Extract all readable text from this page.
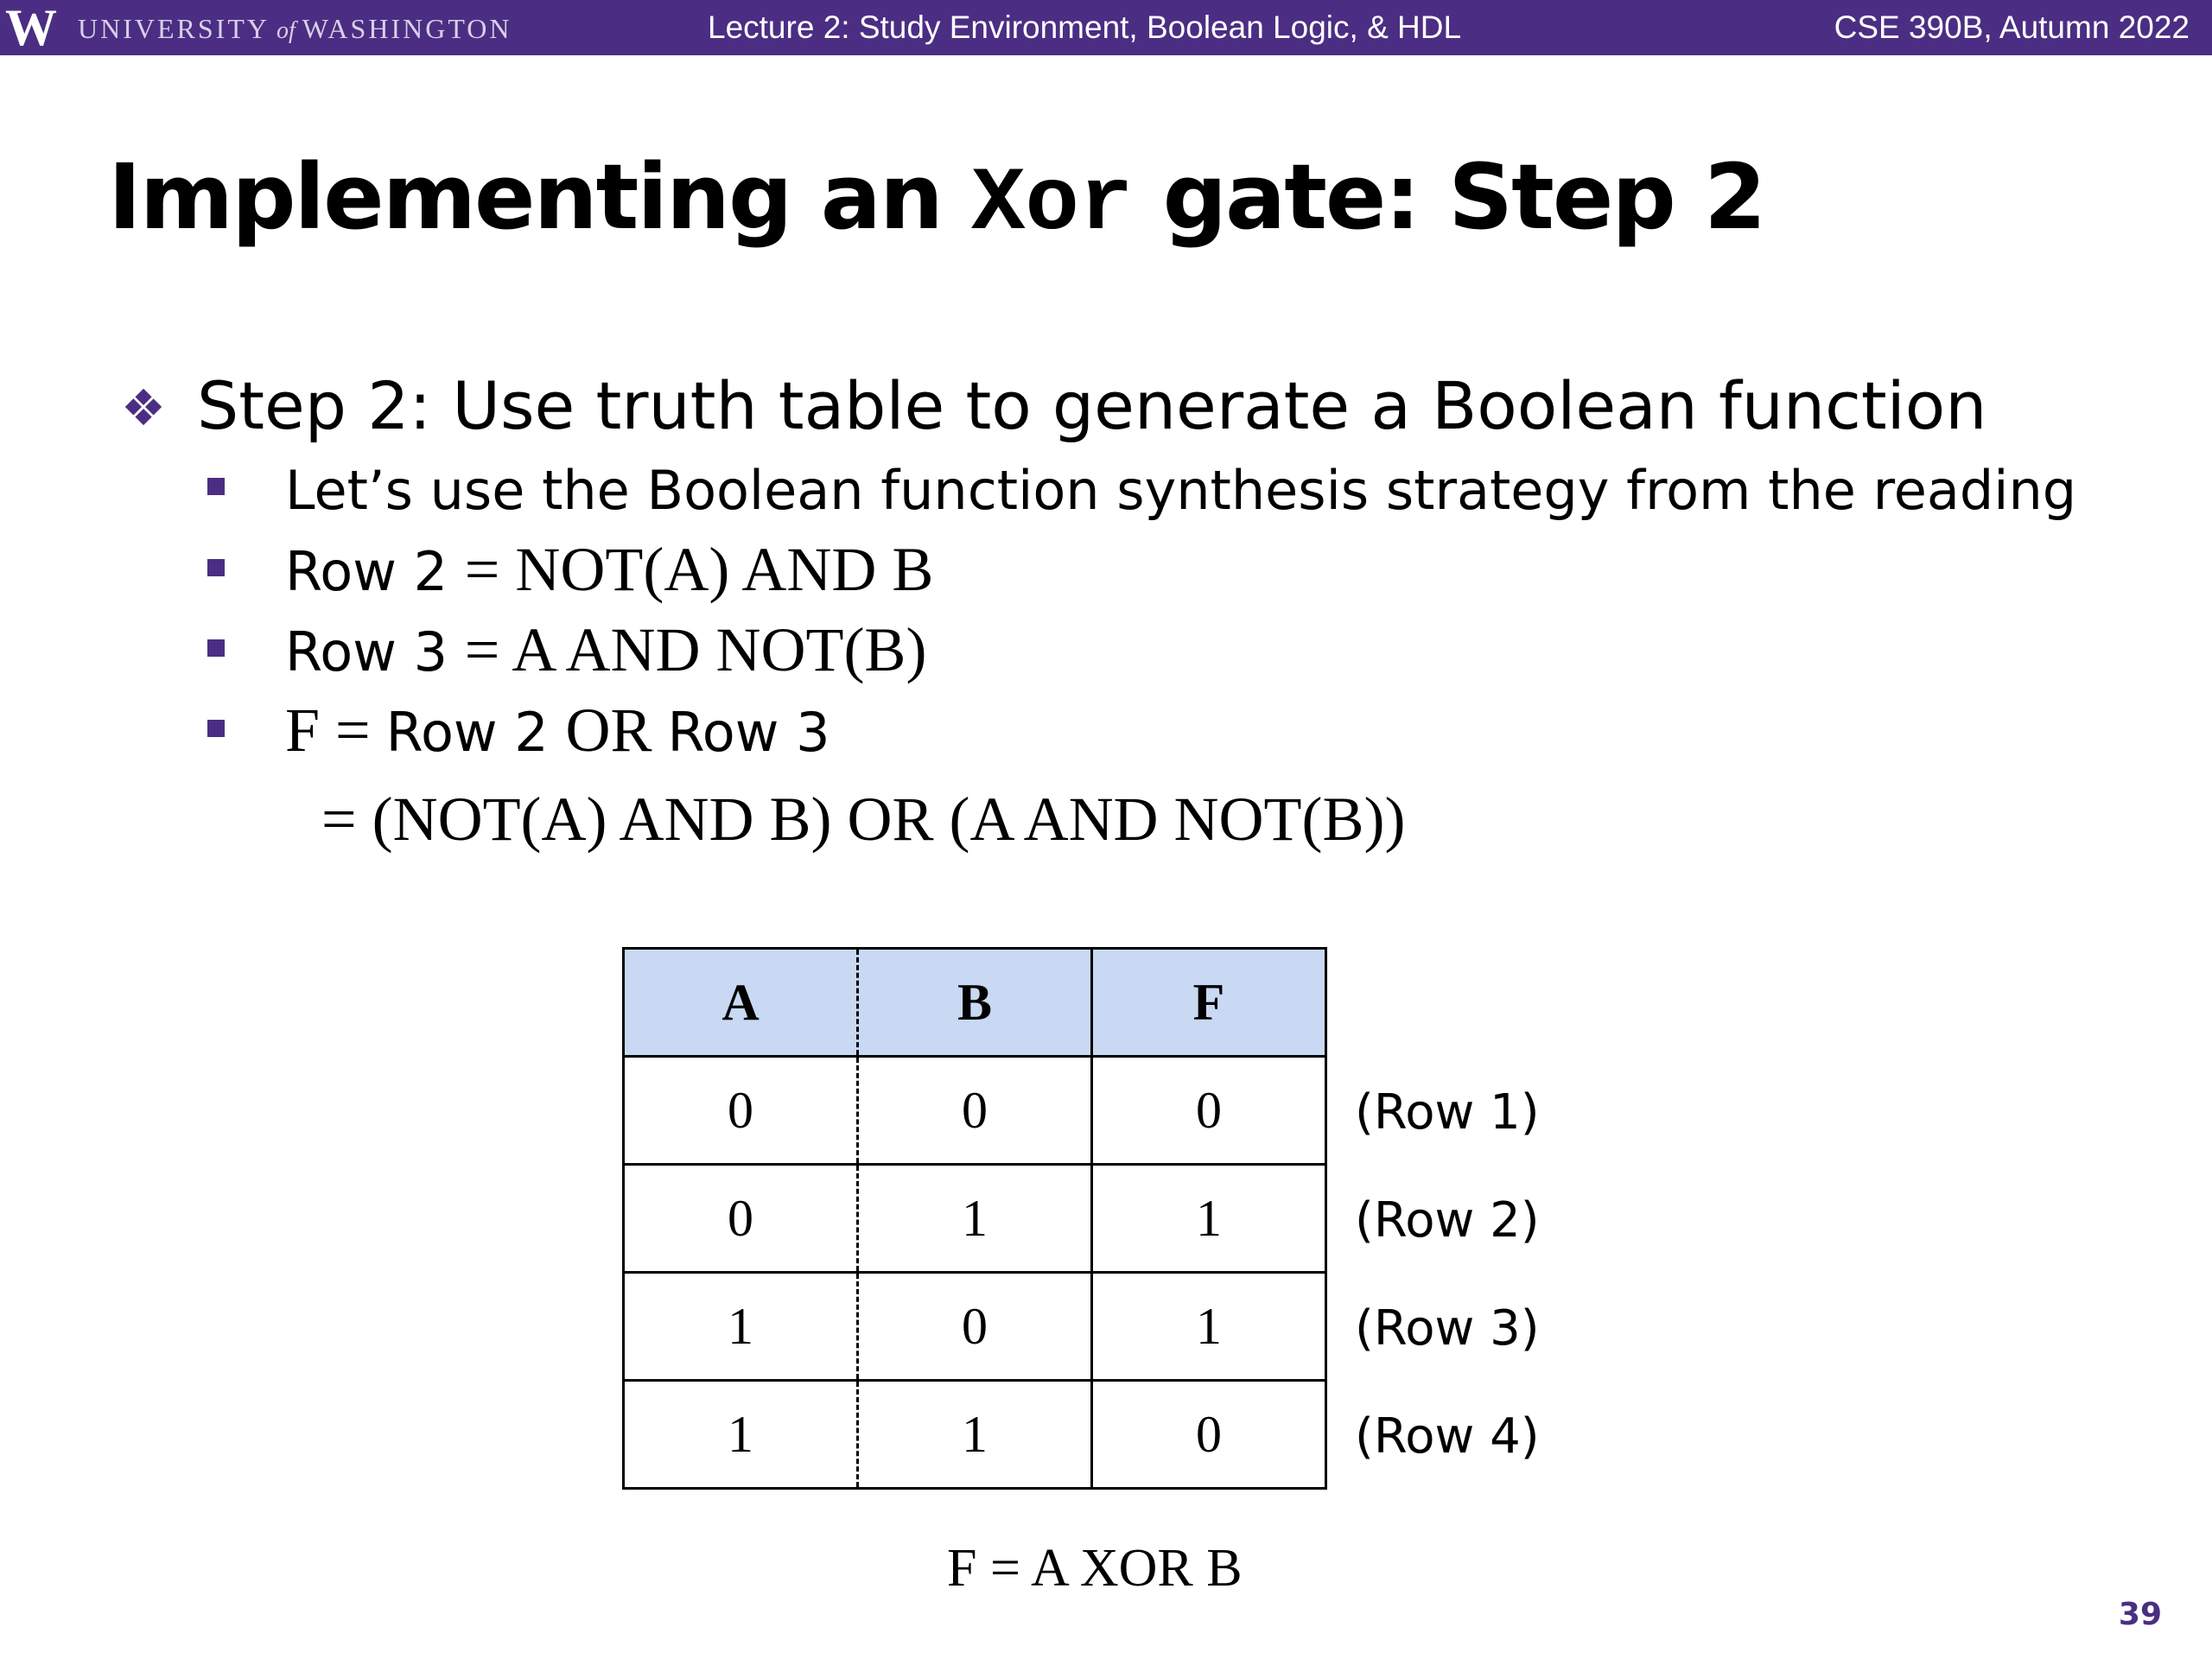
W UNIVERSITY of WASHINGTON	Lecture 2: Study Environment, Boolean Logic, & HDL	CSE 390B, Autumn 2022
Implementing an Xor gate: Step 2
❖ Step 2: Use truth table to generate a Boolean function
Let’s use the Boolean function synthesis strategy from the reading
Row 2 = NOT(A) AND B
Row 3 = A AND NOT(B)
F = Row 2 OR Row 3
= (NOT(A) AND B) OR (A AND NOT(B))
A	B	F
0	0	0
0	1	1
1	0	1
1	1	0
(Row 1)
(Row 2)
(Row 3)
(Row 4)
F = A XOR B
39
